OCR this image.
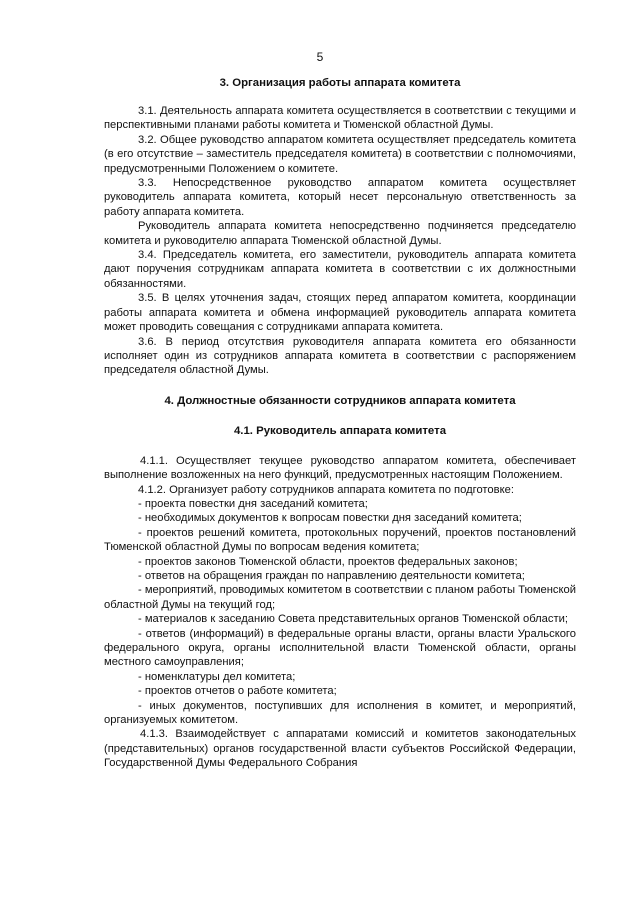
5
3. Организация работы аппарата комитета

3.1. Деятельность аппарата комитета осуществляется в соответствии с текущими и перспективными планами работы комитета и Тюменской областной Думы.

3.2. Общее руководство аппаратом комитета осуществляет председатель комитета (в его отсутствие – заместитель председателя комитета) в соответствии с полномочиями, предусмотренными Положением о комитете.

3.3. Непосредственное руководство аппаратом комитета осуществляет руководитель аппарата комитета, который несет персональную ответственность за работу аппарата комитета.

Руководитель аппарата комитета непосредственно подчиняется председателю комитета и руководителю аппарата Тюменской областной Думы.

3.4. Председатель комитета, его заместители, руководитель аппарата комитета дают поручения сотрудникам аппарата комитета в соответствии с их должностными обязанностями.

3.5. В целях уточнения задач, стоящих перед аппаратом комитета, координации работы аппарата комитета и обмена информацией руководитель аппарата комитета может проводить совещания с сотрудниками аппарата комитета.

3.6. В период отсутствия руководителя аппарата комитета его обязанности исполняет один из сотрудников аппарата комитета в соответствии с распоряжением председателя областной Думы.

4. Должностные обязанности сотрудников аппарата комитета
4.1. Руководитель аппарата комитета

4.1.1. Осуществляет текущее руководство аппаратом комитета, обеспечивает выполнение возложенных на него функций, предусмотренных настоящим Положением.

4.1.2. Организует работу сотрудников аппарата комитета по подготовке:

- проекта повестки дня заседаний комитета;

- необходимых документов к вопросам повестки дня заседаний комитета;

- проектов решений комитета, протокольных поручений, проектов постановлений Тюменской областной Думы по вопросам ведения комитета;

- проектов законов Тюменской области, проектов федеральных законов;

- ответов на обращения граждан по направлению деятельности комитета;

- мероприятий, проводимых комитетом в соответствии с планом работы Тюменской областной Думы на текущий год;

- материалов к заседанию Совета представительных органов Тюменской области;

- ответов (информаций) в федеральные органы власти, органы власти Уральского федерального округа, органы исполнительной власти Тюменской области, органы местного самоуправления;

- номенклатуры дел комитета;

- проектов отчетов о работе комитета;

- иных документов, поступивших для исполнения в комитет, и мероприятий, организуемых комитетом.

4.1.3. Взаимодействует с аппаратами комиссий и комитетов законодательных (представительных) органов государственной власти субъектов Российской Федерации, Государственной Думы Федерального Собрания
